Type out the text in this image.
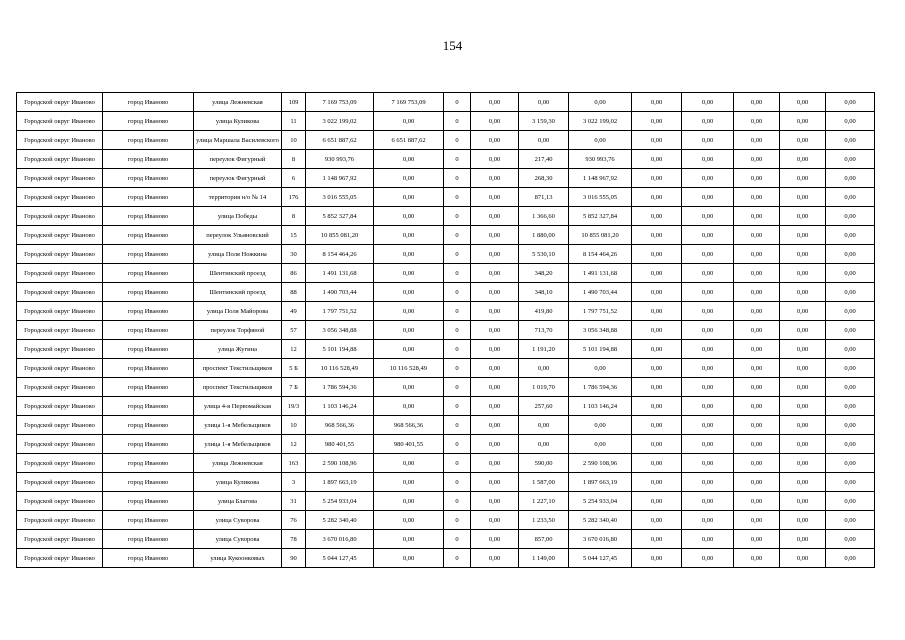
154
Городской округ Иваново	город Иваново	улица Лежневская	109	7 169 753,09	7 169 753,09	0	0,00	0,00	0,00	0,00	0,00	0,00	0,00	0,00
Городской округ Иваново	город Иваново	улица Куликова	11	3 022 199,02	0,00	0	0,00	3 159,30	3 022 199,02	0,00	0,00	0,00	0,00	0,00
Городской округ Иваново	город Иваново	улица Маршала Василевского	10	6 651 887,62	6 651 887,62	0	0,00	0,00	0,00	0,00	0,00	0,00	0,00	0,00
Городской округ Иваново	город Иваново	переулок Фигурный	8	930 993,76	0,00	0	0,00	217,40	930 993,76	0,00	0,00	0,00	0,00	0,00
Городской округ Иваново	город Иваново	переулок Фигурный	6	1 148 967,92	0,00	0	0,00	268,30	1 148 967,92	0,00	0,00	0,00	0,00	0,00
Городской округ Иваново	город Иваново	территория н/о № 14	176	3 016 555,05	0,00	0	0,00	871,13	3 016 555,05	0,00	0,00	0,00	0,00	0,00
Городской округ Иваново	город Иваново	улица Победы	8	5 852 327,84	0,00	0	0,00	1 366,60	5 852 327,84	0,00	0,00	0,00	0,00	0,00
Городской округ Иваново	город Иваново	переулок Ульяновский	15	10 855 081,20	0,00	0	0,00	1 880,00	10 855 081,20	0,00	0,00	0,00	0,00	0,00
Городской округ Иваново	город Иваново	улица Поля Ножкина	30	8 154 464,26	0,00	0	0,00	5 530,10	8 154 464,26	0,00	0,00	0,00	0,00	0,00
Городской округ Иваново	город Иваново	Шентинский проезд	86	1 491 131,68	0,00	0	0,00	348,20	1 491 131,68	0,00	0,00	0,00	0,00	0,00
Городской округ Иваново	город Иваново	Шентинский проезд	88	1 490 703,44	0,00	0	0,00	348,10	1 490 703,44	0,00	0,00	0,00	0,00	0,00
Городской округ Иваново	город Иваново	улица Поля Майорова	49	1 797 751,52	0,00	0	0,00	419,80	1 797 751,52	0,00	0,00	0,00	0,00	0,00
Городской округ Иваново	город Иваново	переулок Торфяной	57	3 056 348,88	0,00	0	0,00	713,70	3 056 348,88	0,00	0,00	0,00	0,00	0,00
Городской округ Иваново	город Иваново	улица Жугина	12	5 101 194,88	0,00	0	0,00	1 191,20	5 101 194,88	0,00	0,00	0,00	0,00	0,00
Городской округ Иваново	город Иваново	проспект Текстильщиков	5 Б	10 116 528,49	10 116 528,49	0	0,00	0,00	0,00	0,00	0,00	0,00	0,00	0,00
Городской округ Иваново	город Иваново	проспект Текстильщиков	7 Б	1 786 594,36	0,00	0	0,00	1 019,70	1 786 594,36	0,00	0,00	0,00	0,00	0,00
Городской округ Иваново	город Иваново	улица 4-я Первомайская	19/3	1 103 146,24	0,00	0	0,00	257,60	1 103 146,24	0,00	0,00	0,00	0,00	0,00
Городской округ Иваново	город Иваново	улица 1-я Мебельщиков	10	968 566,36	968 566,36	0	0,00	0,00	0,00	0,00	0,00	0,00	0,00	0,00
Городской округ Иваново	город Иваново	улица 1-я Мебельщиков	12	980 401,55	980 401,55	0	0,00	0,00	0,00	0,00	0,00	0,00	0,00	0,00
Городской округ Иваново	город Иваново	улица Лежневская	163	2 590 108,96	0,00	0	0,00	590,00	2 590 108,96	0,00	0,00	0,00	0,00	0,00
Городской округ Иваново	город Иваново	улица Куликова	3	1 897 663,19	0,00	0	0,00	1 587,00	1 897 663,19	0,00	0,00	0,00	0,00	0,00
Городской округ Иваново	город Иваново	улица Благова	31	5 254 933,04	0,00	0	0,00	1 227,10	5 254 933,04	0,00	0,00	0,00	0,00	0,00
Городской округ Иваново	город Иваново	улица Суворова	76	5 282 340,40	0,00	0	0,00	1 233,50	5 282 340,40	0,00	0,00	0,00	0,00	0,00
Городской округ Иваново	город Иваново	улица Суворова	78	3 670 016,80	0,00	0	0,00	857,00	3 670 016,80	0,00	0,00	0,00	0,00	0,00
Городской округ Иваново	город Иваново	улица Кукоонковых	90	5 044 127,45	0,00	0	0,00	1 149,00	5 044 127,45	0,00	0,00	0,00	0,00	0,00
